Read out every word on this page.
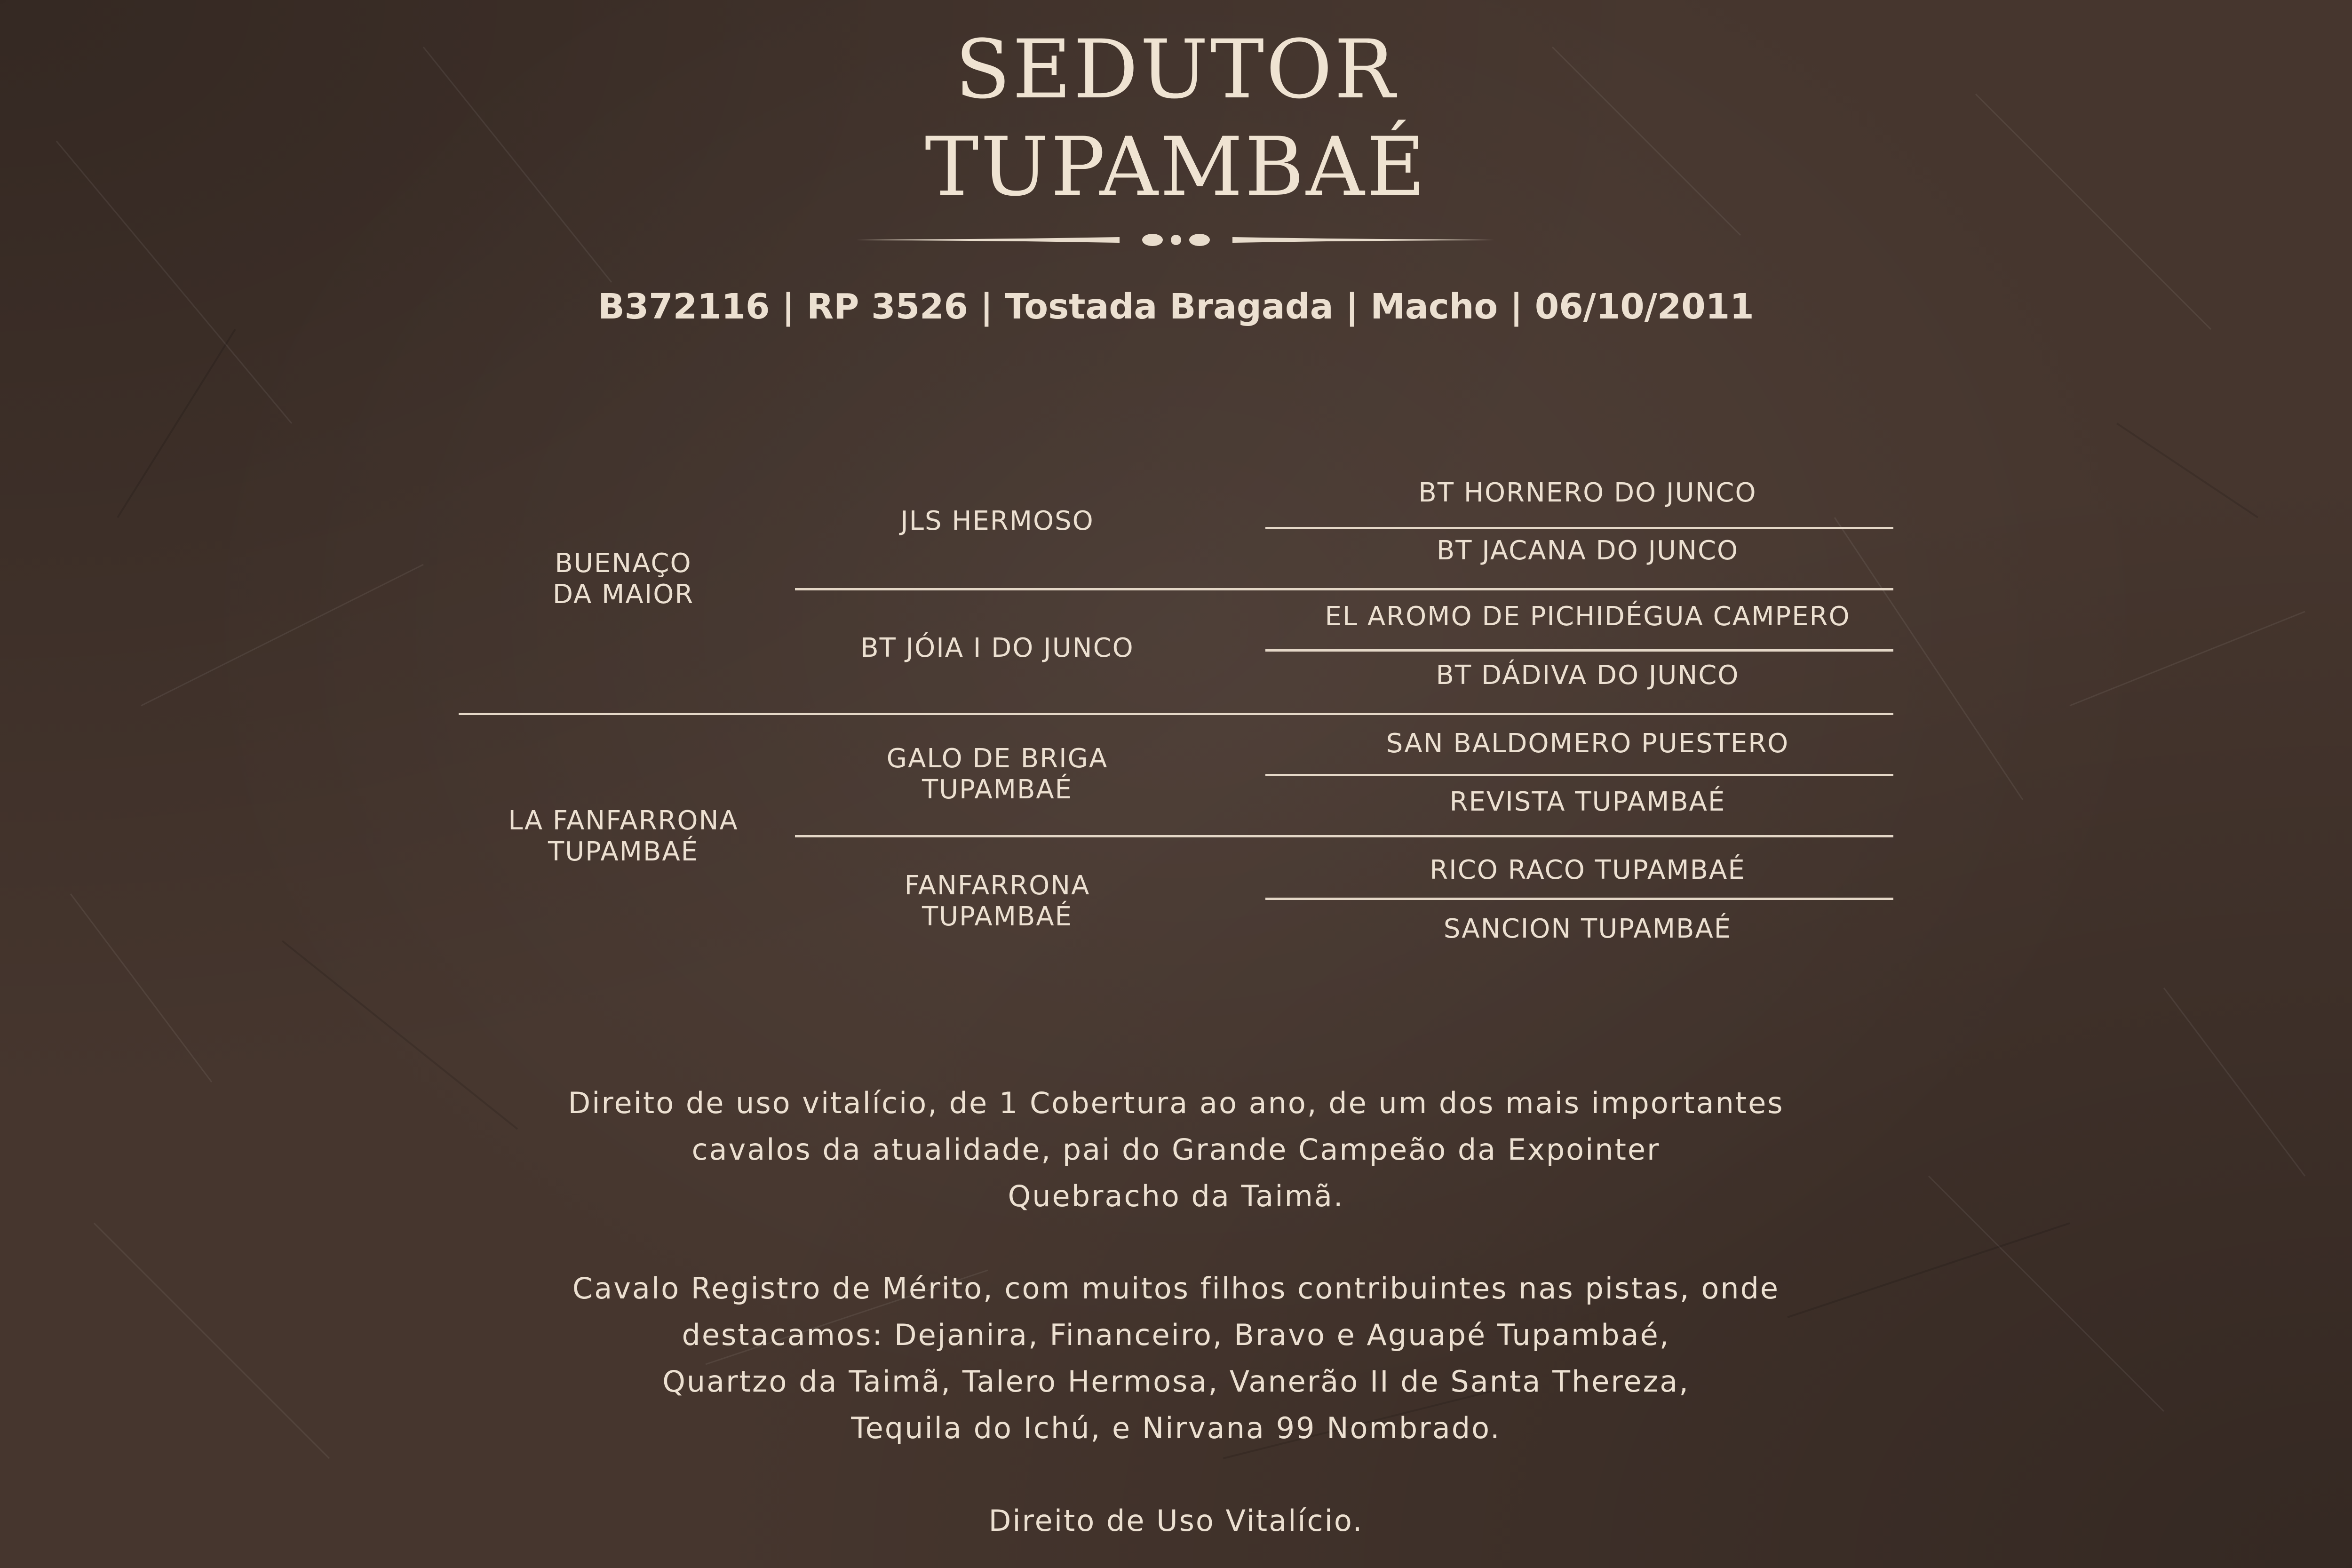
SEDUTOR
TUPAMBAÉ
B372116 | RP 3526 | Tostada Bragada | Macho | 06/10/2011
BUENAÇO
DA MAIOR
LA FANFARRONA
TUPAMBAÉ
JLS HERMOSO
BT JÓIA I DO JUNCO
GALO DE BRIGA
TUPAMBAÉ
FANFARRONA
TUPAMBAÉ
BT HORNERO DO JUNCO
BT JACANA DO JUNCO
EL AROMO DE PICHIDÉGUA CAMPERO
BT DÁDIVA DO JUNCO
SAN BALDOMERO PUESTERO
REVISTA TUPAMBAÉ
RICO RACO TUPAMBAÉ
SANCION TUPAMBAÉ
Direito de uso vitalício, de 1 Cobertura ao ano, de um dos mais importantes
cavalos da atualidade, pai do Grande Campeão da Expointer
Quebracho da Taimã.
Cavalo Registro de Mérito, com muitos filhos contribuintes nas pistas, onde
destacamos: Dejanira, Financeiro, Bravo e Aguapé Tupambaé,
Quartzo da Taimã, Talero Hermosa, Vanerão II de Santa Thereza,
Tequila do Ichú, e Nirvana 99 Nombrado.
Direito de Uso Vitalício.
